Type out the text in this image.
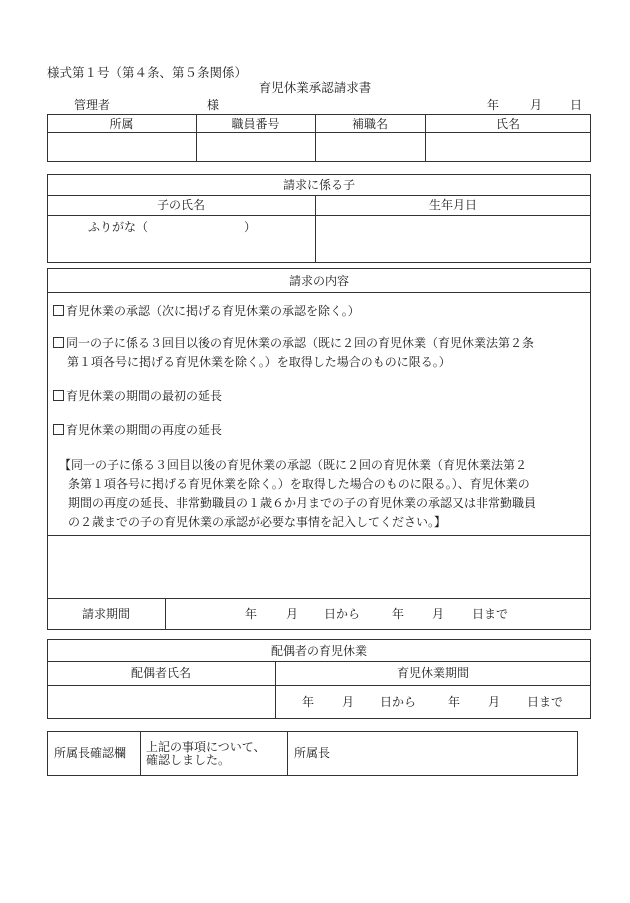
様式第１号（第４条、第５条関係）
育児休業承認請求書
管理者	様	年	月 日
所属	職員番号	補職名	氏名
請求に係る子
子の氏名	生年月日
ふりがな（　　　　　　　　）
請求の内容
育児休業の承認（次に掲げる育児休業の承認を除く。）
同一の子に係る３回目以後の育児休業の承認（既に２回の育児休業（育児休業法第２条
第１項各号に掲げる育児休業を除く。）を取得した場合のものに限る。）
育児休業の期間の最初の延長
育児休業の期間の再度の延長
【同一の子に係る３回目以後の育児休業の承認（既に２回の育児休業（育児休業法第２
条第１項各号に掲げる育児休業を除く。）を取得した場合のものに限る。）、育児休業の
期間の再度の延長、非常勤職員の１歳６か月までの子の育児休業の承認又は非常勤職員
の２歳までの子の育児休業の承認が必要な事情を記入してください。】
請求期間	年 月 日から	年 月 日まで
配偶者の育児休業
配偶者氏名	育児休業期間
年 月 日から	年 月 日まで
所属長確認欄 上記の事項について、
確認しました。	所属長
